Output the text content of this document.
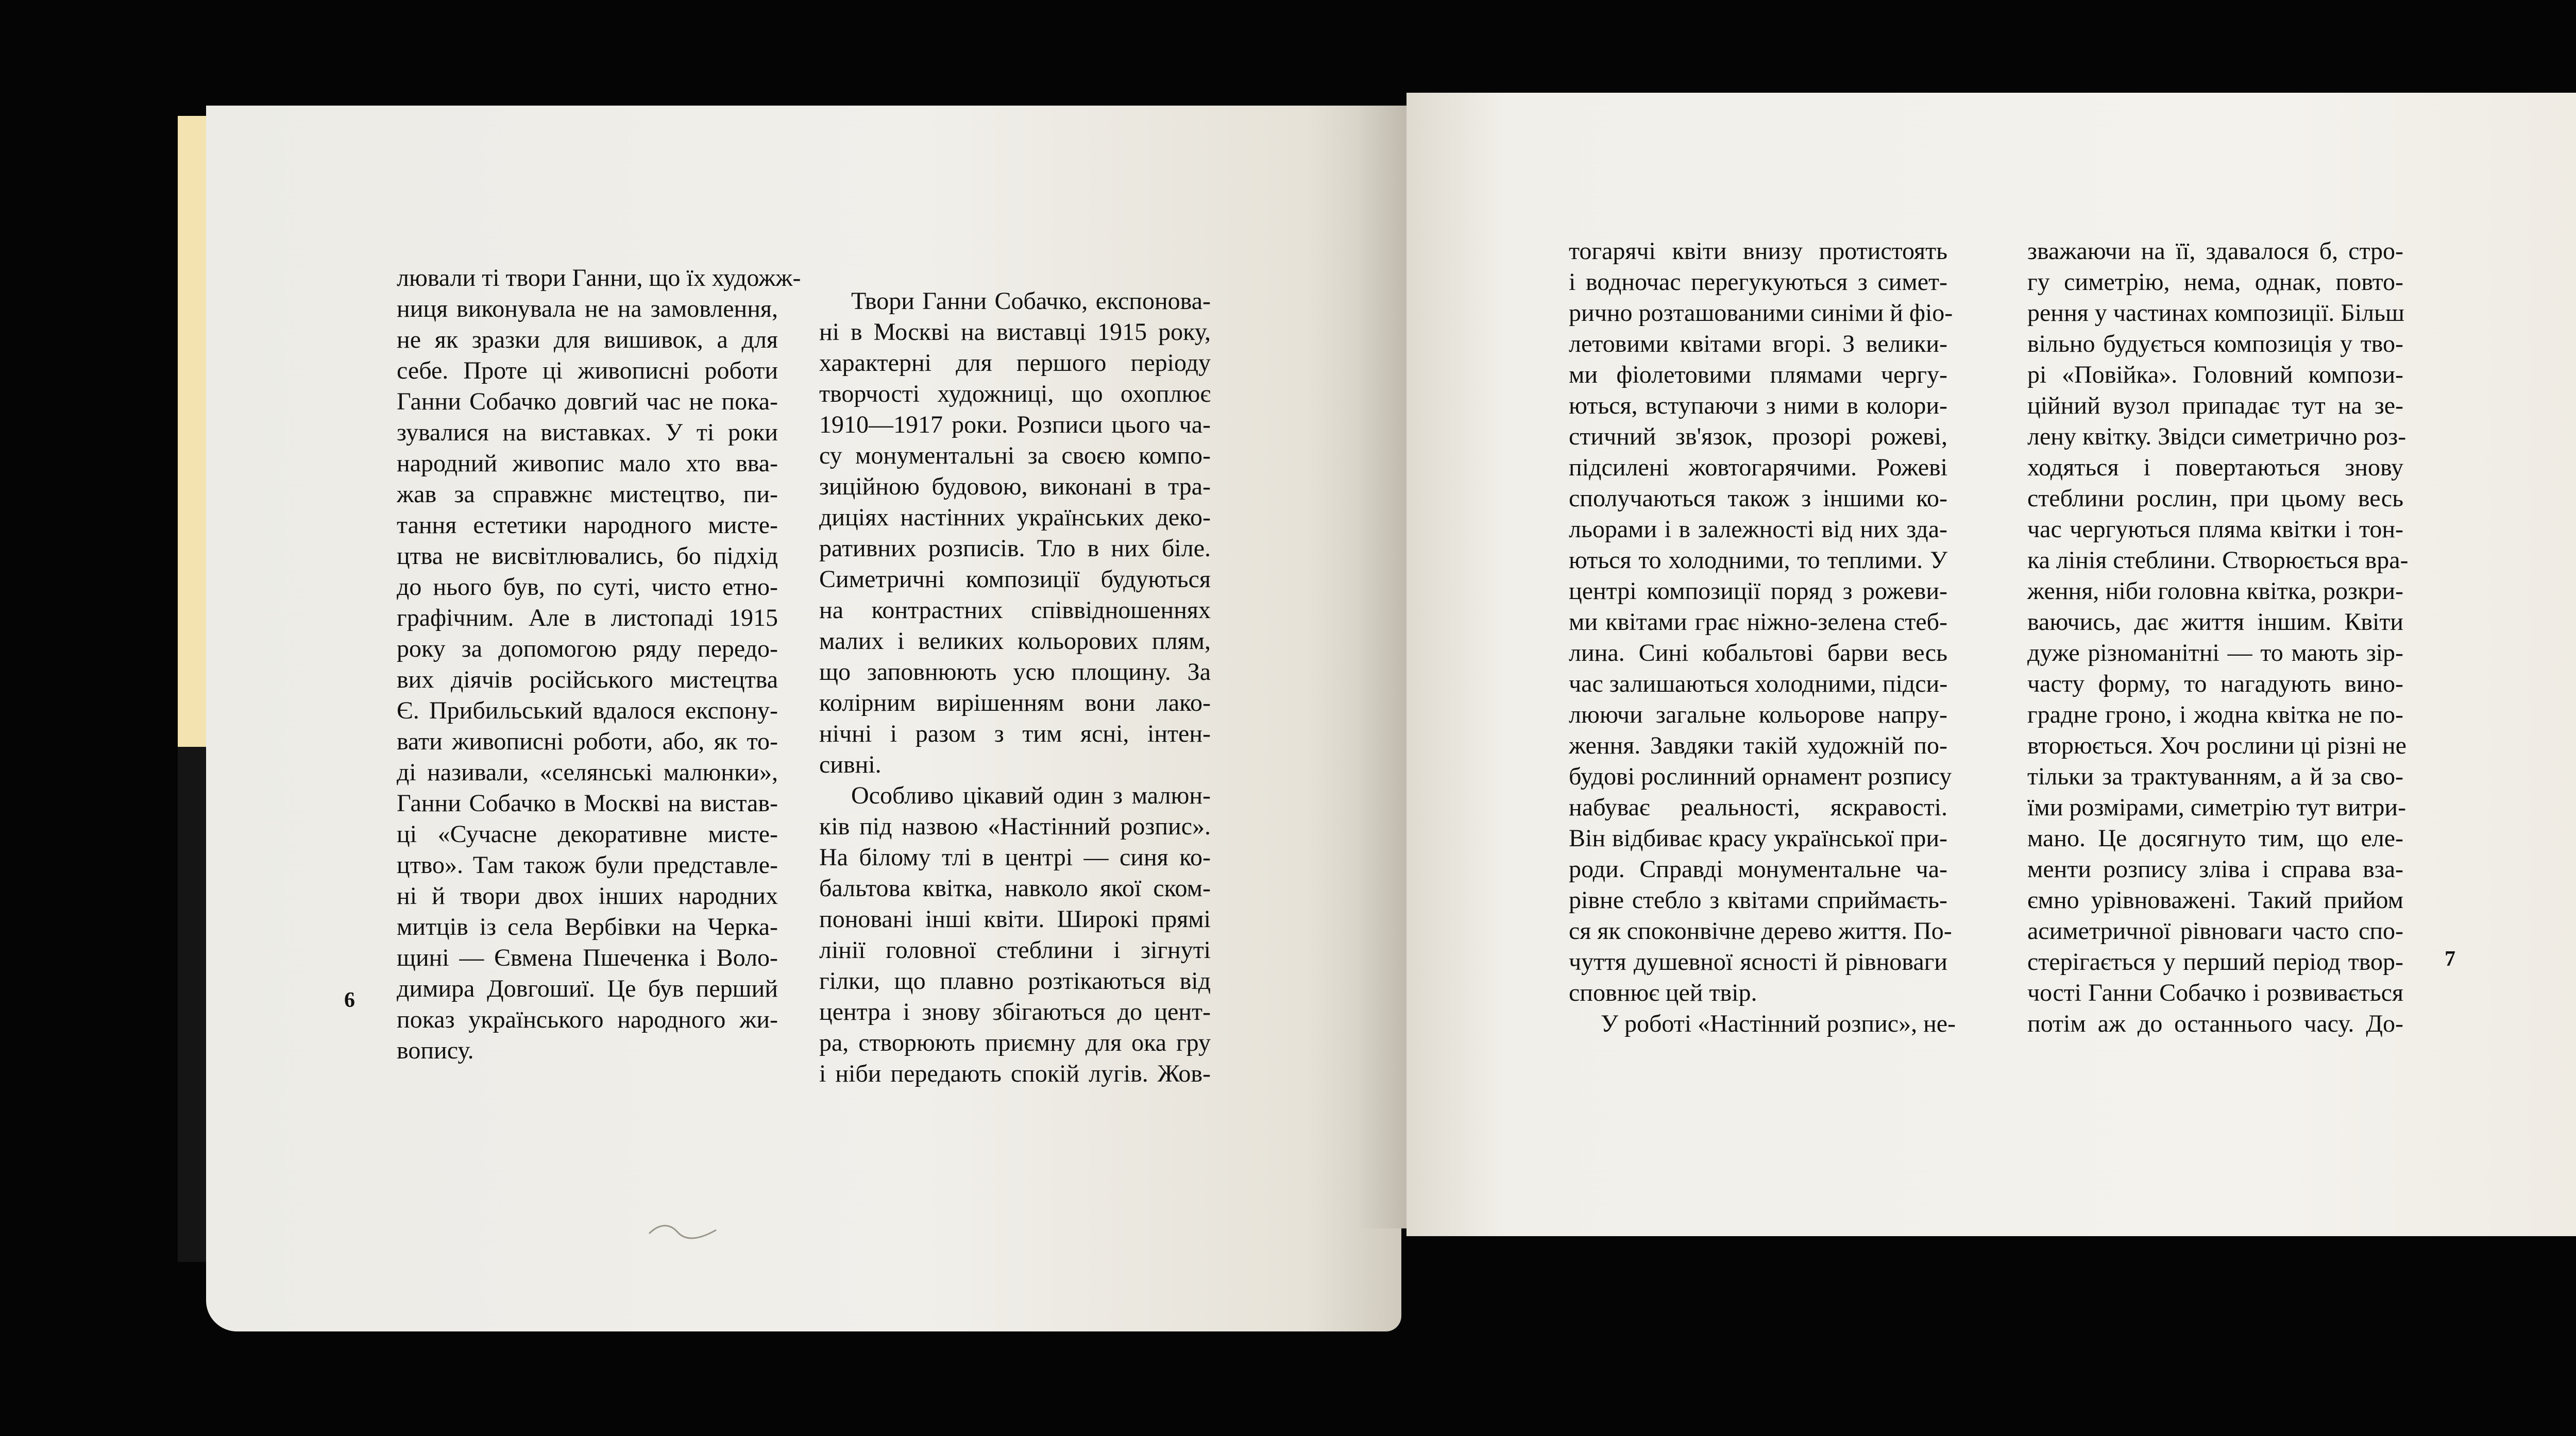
лювали ті твори Ганни, що їх художж-
ниця виконувала не на замовлення,
не як зразки для вишивок, а для
себе. Проте ці живописні роботи
Ганни Собачко довгий час не пока-
зувалися на виставках. У ті роки
народний живопис мало хто вва-
жав за справжнє мистецтво, пи-
тання естетики народного мисте-
цтва не висвітлювались, бо підхід
до нього був, по суті, чисто етно-
графічним. Але в листопаді 1915
року за допомогою ряду передо-
вих діячів російського мистецтва
Є. Прибильський вдалося експону-
вати живописні роботи, або, як то-
ді називали, «селянські малюнки»,
Ганни Собачко в Москві на вистав-
ці «Сучасне декоративне мисте-
цтво». Там також були представле-
ні й твори двох інших народних
митців із села Вербівки на Черка-
щині — Євмена Пшеченка і Воло-
димира Довгошиї. Це був перший
показ українського народного жи-
вопису.

Твори Ганни Собачко, експонова-
ні в Москві на виставці 1915 року,
характерні для першого періоду
творчості художниці, що охоплює
1910—1917 роки. Розписи цього ча-
су монументальні за своєю компо-
зиційною будовою, виконані в тра-
диціях настінних українських деко-
ративних розписів. Тло в них біле.
Симетричні композиції будуються
на контрастних співвідношеннях
малих і великих кольорових плям,
що заповнюють усю площину. За
колірним вирішенням вони лако-
нічні і разом з тим ясні, інтен-
сивні.

Особливо цікавий один з малюн-
ків під назвою «Настінний розпис».
На білому тлі в центрі — синя ко-
бальтова квітка, навколо якої ском-
поновані інші квіти. Широкі прямі
лінії головної стеблини і зігнуті
гілки, що плавно розтікаються від
центра і знову збігаються до цент-
ра, створюють приємну для ока гру
і ніби передають спокій лугів. Жов-

тогарячі квіти внизу протистоять
і водночас перегукуються з симет-
рично розташованими синіми й фіо-
летовими квітами вгорі. З велики-
ми фіолетовими плямами чергу-
ються, вступаючи з ними в колори-
стичний зв'язок, прозорі рожеві,
підсилені жовтогарячими. Рожеві
сполучаються також з іншими ко-
льорами і в залежності від них зда-
ються то холодними, то теплими. У
центрі композиції поряд з рожеви-
ми квітами грає ніжно-зелена стеб-
лина. Сині кобальтові барви весь
час залишаються холодними, підси-
люючи загальне кольорове напру-
ження. Завдяки такій художній по-
будові рослинний орнамент розпису
набуває реальності, яскравості.
Він відбиває красу української при-
роди. Справді монументальне ча-
рівне стебло з квітами сприймаєть-
ся як споконвічне дерево життя. По-
чуття душевної ясності й рівноваги
сповнює цей твір.

У роботі «Настінний розпис», не-

зважаючи на її, здавалося б, стро-
гу симетрію, нема, однак, повто-
рення у частинах композиції. Більш
вільно будується композиція у тво-
рі «Повійка». Головний компози-
ційний вузол припадає тут на зе-
лену квітку. Звідси симетрично роз-
ходяться і повертаються знову
стеблини рослин, при цьому весь
час чергуються пляма квітки і тон-
ка лінія стеблини. Створюється вра-
ження, ніби головна квітка, розкри-
ваючись, дає життя іншим. Квіти
дуже різноманітні — то мають зір-
часту форму, то нагадують вино-
градне гроно, і жодна квітка не по-
вторюється. Хоч рослини ці різні не
тільки за трактуванням, а й за сво-
їми розмірами, симетрію тут витри-
мано. Це досягнуто тим, що еле-
менти розпису зліва і справа вза-
ємно урівноважені. Такий прийом
асиметричної рівноваги часто спо-
стерігається у перший період твор-
чості Ганни Собачко і розвивається
потім аж до останнього часу. До-
6
7
